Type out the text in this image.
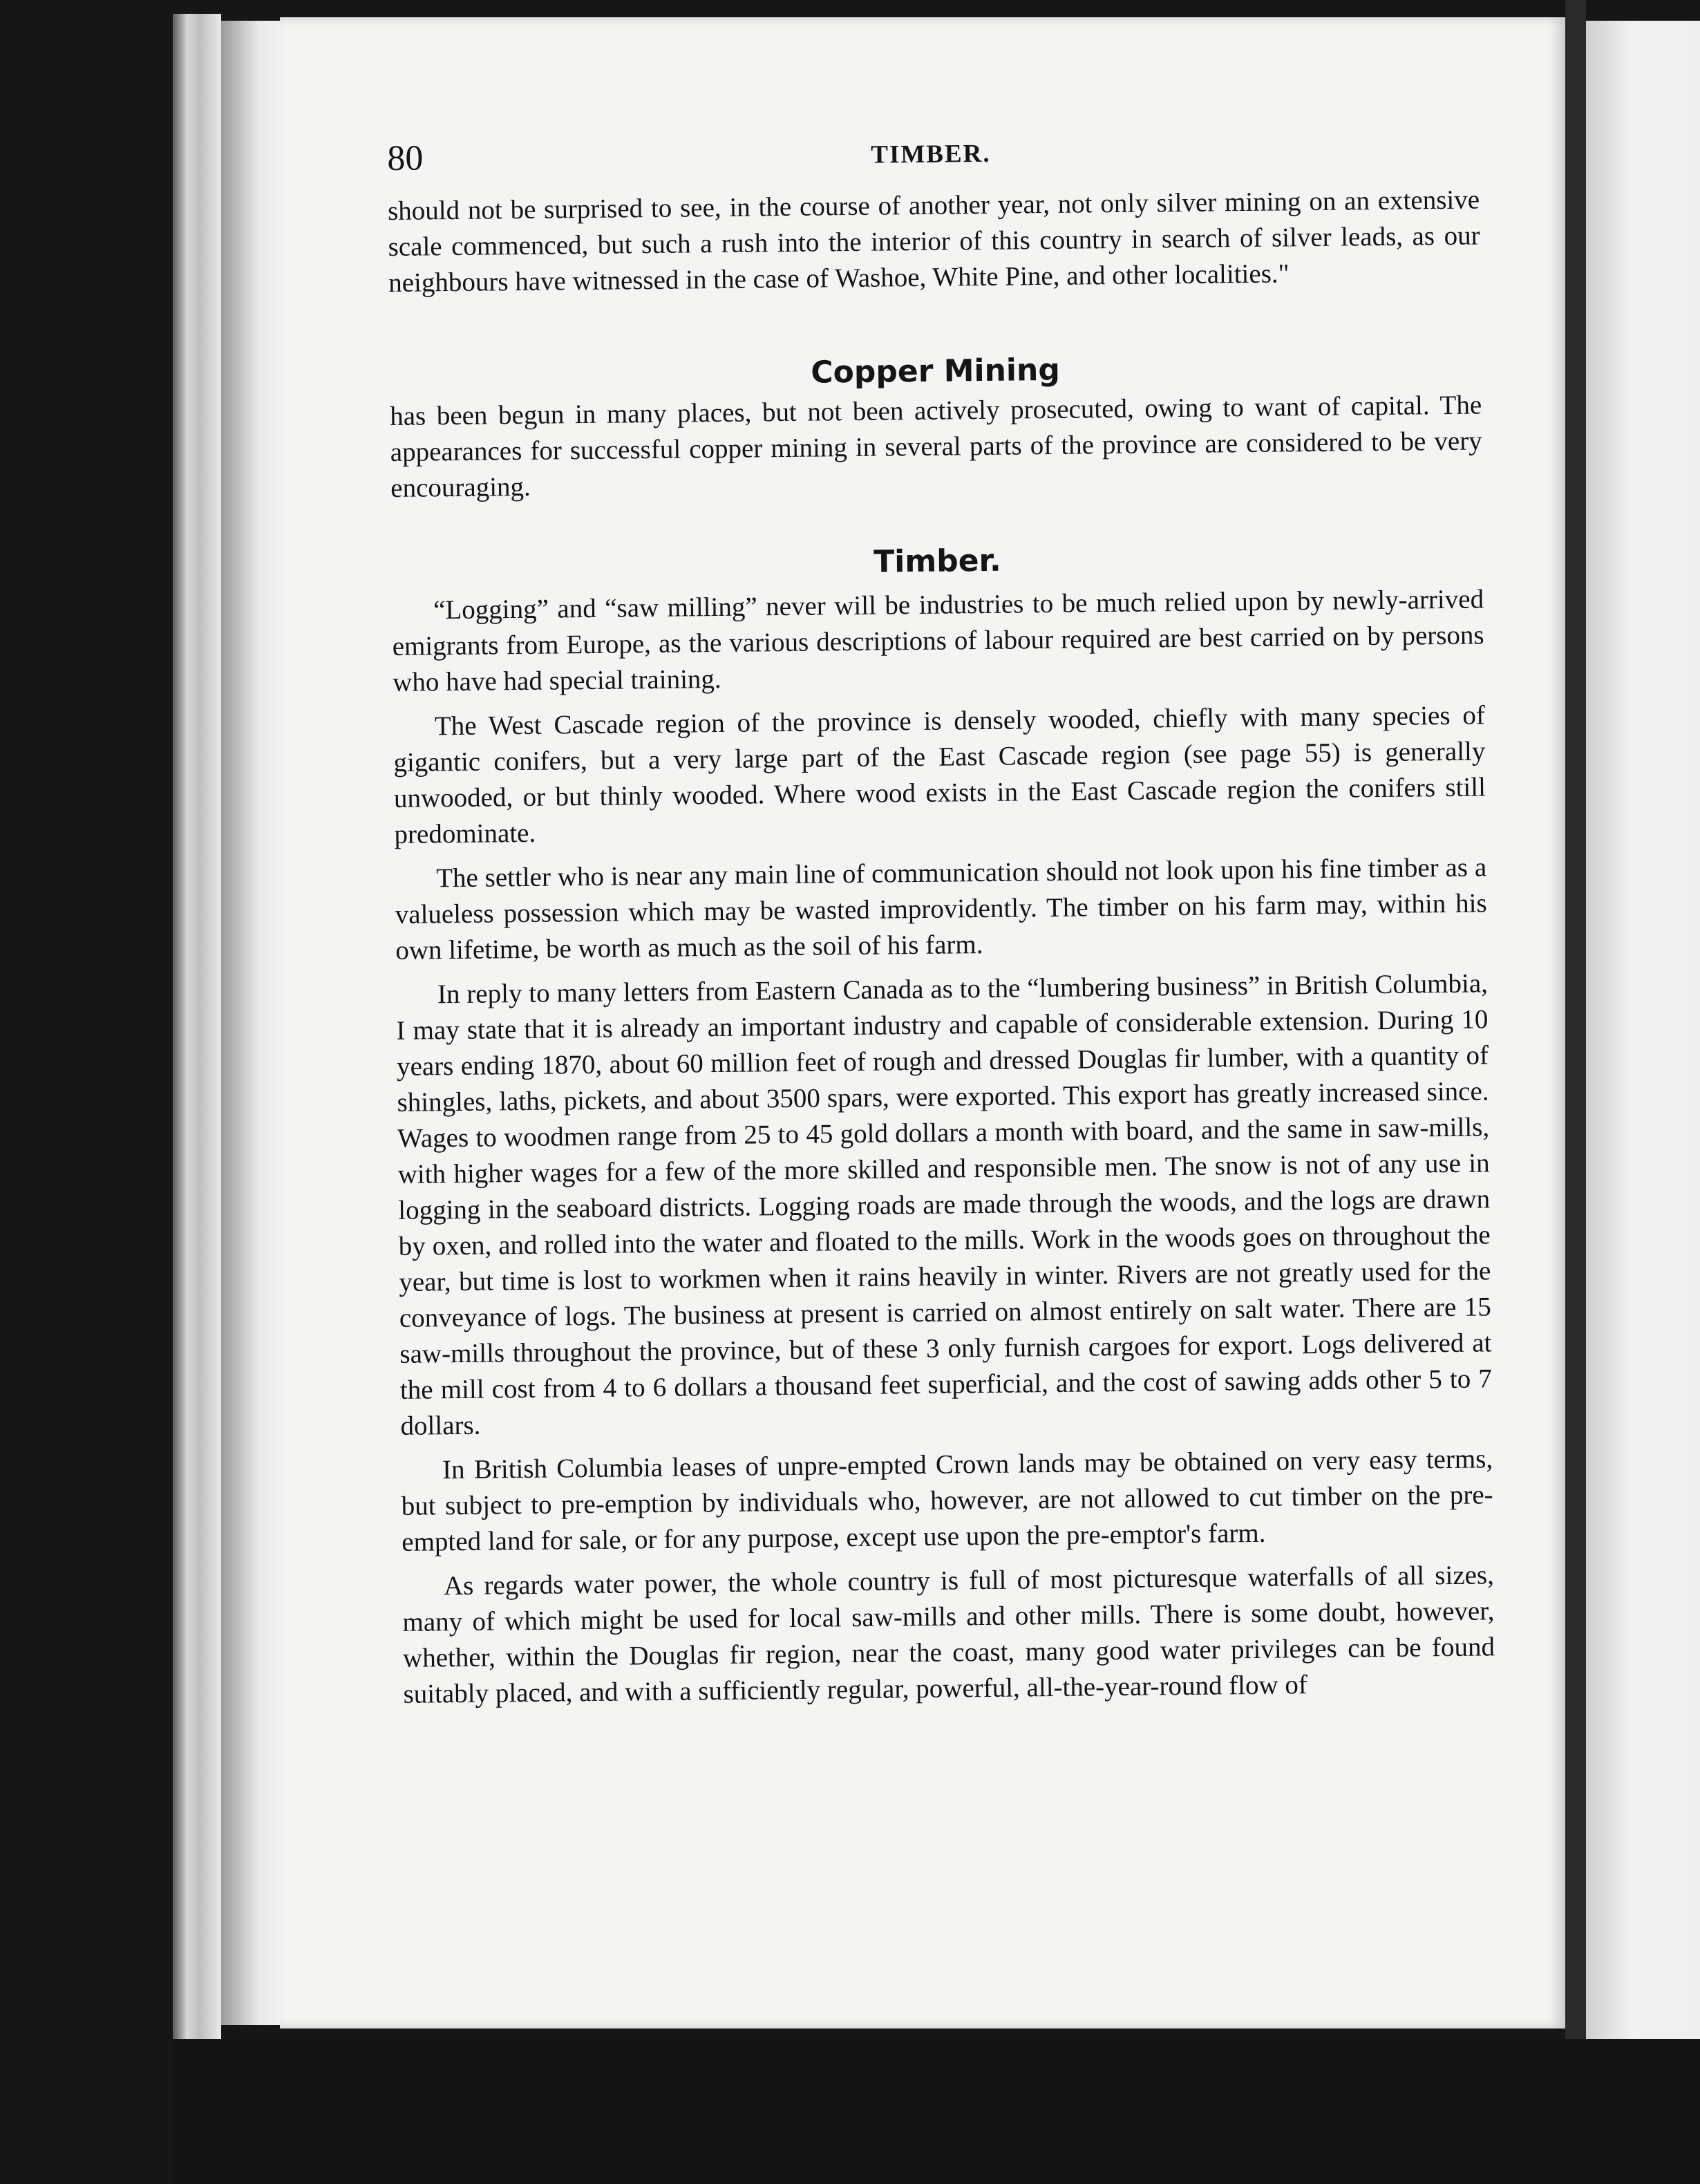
80	TIMBER.

should not be surprised to see, in the course of another year, not only silver mining on an extensive scale commenced, but such a rush into the interior of this country in search of silver leads, as our neighbours have witnessed in the case of Washoe, White Pine, and other localities."

Copper Mining

has been begun in many places, but not been actively prosecuted, owing to want of capital. The appearances for successful copper mining in several parts of the province are considered to be very encouraging.

Timber.

“Logging” and “saw milling” never will be industries to be much relied upon by newly-arrived emigrants from Europe, as the various descriptions of labour required are best carried on by persons who have had special training.

The West Cascade region of the province is densely wooded, chiefly with many species of gigantic conifers, but a very large part of the East Cascade region (see page 55) is generally unwooded, or but thinly wooded. Where wood exists in the East Cascade region the conifers still predominate.

The settler who is near any main line of communication should not look upon his fine timber as a valueless possession which may be wasted improvidently. The timber on his farm may, within his own lifetime, be worth as much as the soil of his farm.

In reply to many letters from Eastern Canada as to the “lumbering business” in British Columbia, I may state that it is already an important industry and capable of considerable extension. During 10 years ending 1870, about 60 million feet of rough and dressed Douglas fir lumber, with a quantity of shingles, laths, pickets, and about 3500 spars, were exported. This export has greatly increased since. Wages to woodmen range from 25 to 45 gold dollars a month with board, and the same in saw-mills, with higher wages for a few of the more skilled and responsible men. The snow is not of any use in logging in the seaboard districts. Logging roads are made through the woods, and the logs are drawn by oxen, and rolled into the water and floated to the mills. Work in the woods goes on throughout the year, but time is lost to workmen when it rains heavily in winter. Rivers are not greatly used for the conveyance of logs. The business at present is carried on almost entirely on salt water. There are 15 saw-mills throughout the province, but of these 3 only furnish cargoes for export. Logs delivered at the mill cost from 4 to 6 dollars a thousand feet superficial, and the cost of sawing adds other 5 to 7 dollars.

In British Columbia leases of unpre-empted Crown lands may be obtained on very easy terms, but subject to pre-emption by individuals who, however, are not allowed to cut timber on the pre-empted land for sale, or for any purpose, except use upon the pre-emptor's farm.

As regards water power, the whole country is full of most picturesque waterfalls of all sizes, many of which might be used for local saw-mills and other mills. There is some doubt, however, whether, within the Douglas fir region, near the coast, many good water privileges can be found suitably placed, and with a sufficiently regular, powerful, all-the-year-round flow of
